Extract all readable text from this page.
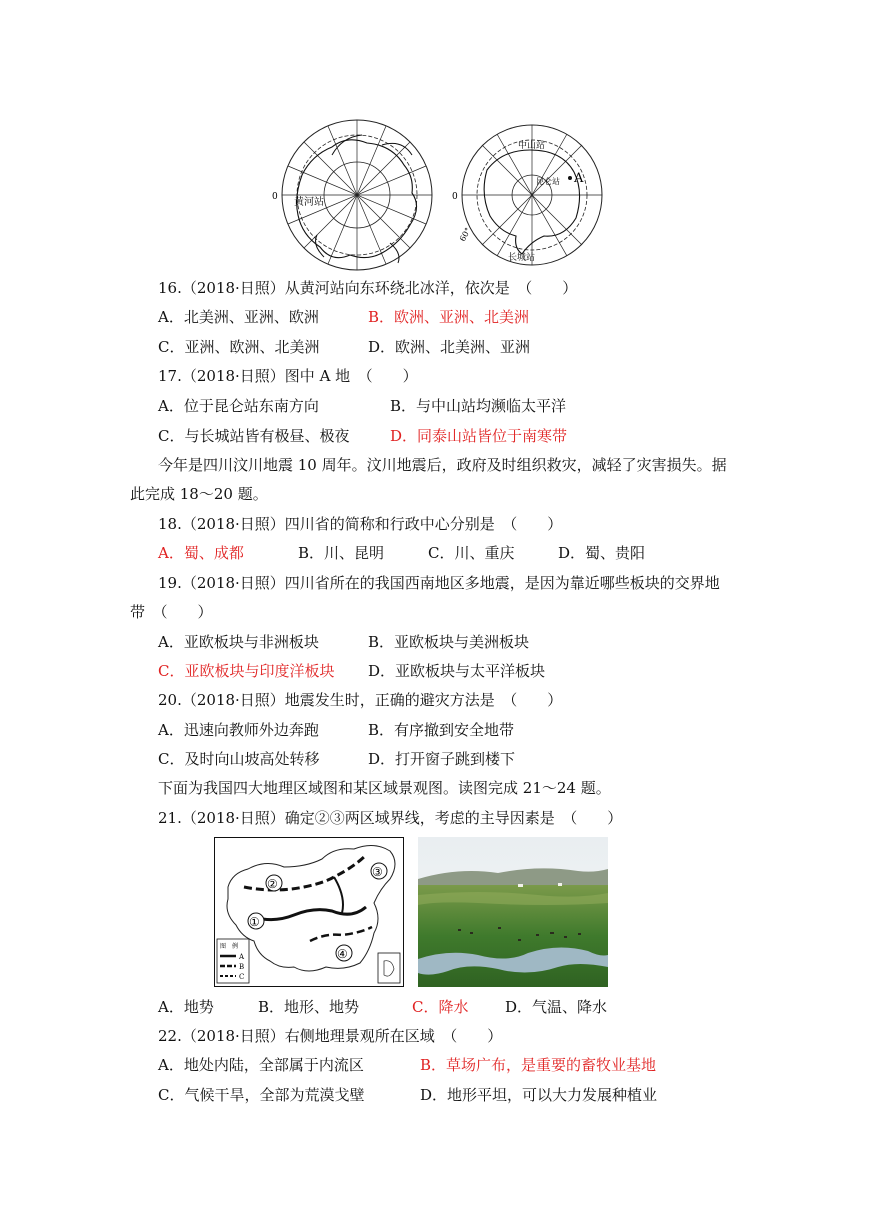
0 黄河站
中山站
昆仑站
长城站
A
0
60°
16.（2018·日照）从黄河站向东环绕北冰洋，依次是　（　　）
A．北美洲、亚洲、欧洲	B．欧洲、亚洲、北美洲
C．亚洲、欧洲、北美洲	D．欧洲、北美洲、亚洲
17.（2018·日照）图中 A 地　（　　）
A．位于昆仑站东南方向	B．与中山站均濒临太平洋
C．与长城站皆有极昼、极夜	D．同泰山站皆位于南寒带
今年是四川汶川地震 10 周年。汶川地震后，政府及时组织救灾，减轻了灾害损失。据
此完成 18～20 题。
18.（2018·日照）四川省的简称和行政中心分别是　（　　）
A．蜀、成都	B．川、昆明	C．川、重庆	D．蜀、贵阳
19.（2018·日照）四川省所在的我国西南地区多地震，是因为靠近哪些板块的交界地
带　（　　）
A．亚欧板块与非洲板块	B．亚欧板块与美洲板块
C．亚欧板块与印度洋板块 D．亚欧板块与太平洋板块
20.（2018·日照）地震发生时，正确的避灾方法是　（　　）
A．迅速向教师外边奔跑	B．有序撤到安全地带
C．及时向山坡高处转移	D．打开窗子跳到楼下
下面为我国四大地理区域图和某区域景观图。读图完成 21～24 题。
21.（2018·日照）确定②③两区域界线，考虑的主导因素是　（　　）
②
①
③
④
图　例
A
B
C
A．地势	B．地形、地势	C．降水 D．气温、降水
22.（2018·日照）右侧地理景观所在区域　（　　）
A．地处内陆，全部属于内流区	B．草场广布，是重要的畜牧业基地
C．气候干旱，全部为荒漠戈壁	D．地形平坦，可以大力发展种植业
